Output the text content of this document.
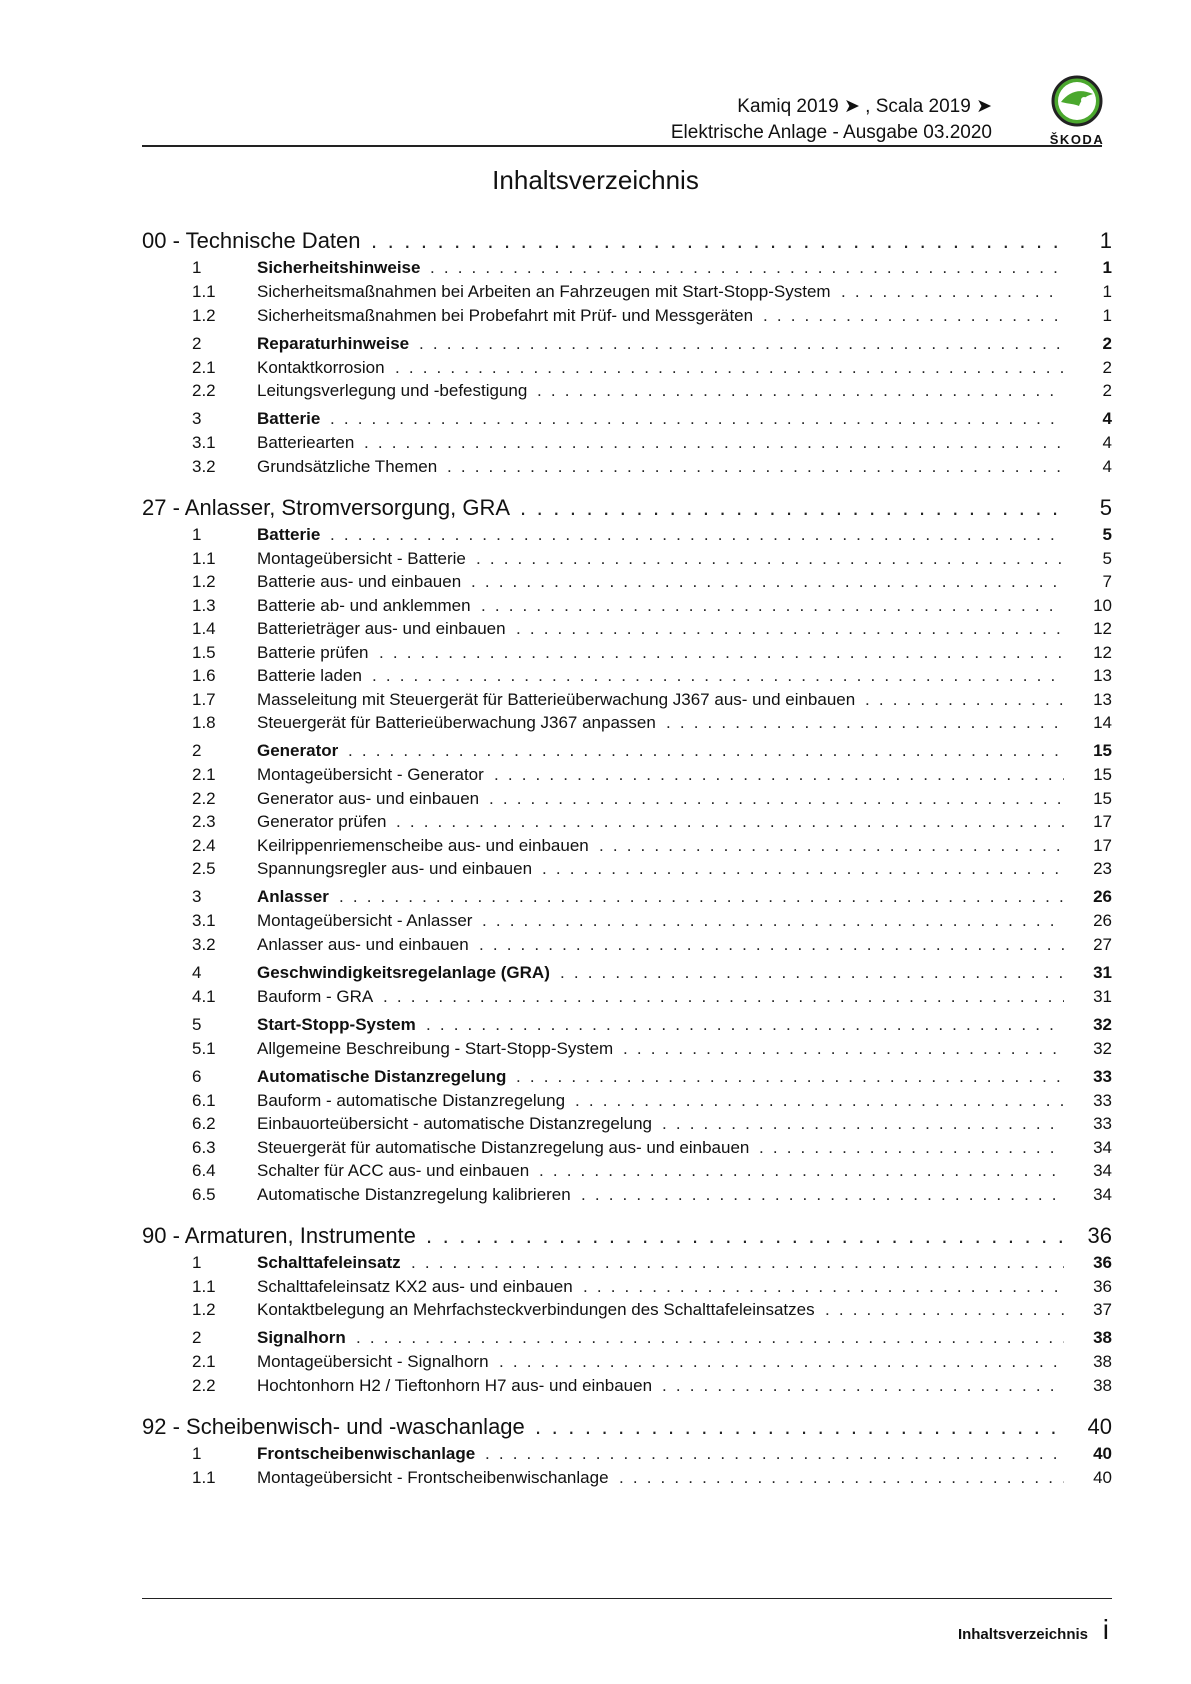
Kamiq 2019 ➤ , Scala 2019 ➤
Elektrische Anlage - Ausgabe 03.2020	ŠKODA
Inhaltsverzeichnis
. . .
00 - Technische Daten	1
1 . . .	Sicherheitshinweise	1
1.1 . . . Sicherheitsmaßnahmen bei Arbeiten an Fahrzeugen mit Start-Stopp-System	1
1.2 . . . Sicherheitsmaßnahmen bei Probefahrt mit Prüf- und Messgeräten	1
2 . . .	Reparaturhinweise	2
2.1 . . . Kontaktkorrosion	2
2.2 . . . Leitungsverlegung und -befestigung	2
3 . . .	Batterie	4
3.1 . . . Batteriearten	4
3.2 . . . Grundsätzliche Themen	4
. . .
27 - Anlasser, Stromversorgung, GRA	5
1 . . .	Batterie	5
1.1 . . . Montageübersicht - Batterie	5
1.2 . . . Batterie aus- und einbauen	7
1.3 . . . Batterie ab- und anklemmen	10
1.4 . . . Batterieträger aus- und einbauen	12
1.5 . . . Batterie prüfen	12
1.6 . . . Batterie laden	13
1.7 . . . Masseleitung mit Steuergerät für Batterieüberwachung J367 aus- und einbauen	13
1.8 . . . Steuergerät für Batterieüberwachung J367 anpassen	14
2 . . .	Generator	15
2.1 . . . Montageübersicht - Generator	15
2.2 . . . Generator aus- und einbauen	15
2.3 . . . Generator prüfen	17
2.4 . . . Keilrippenriemenscheibe aus- und einbauen	17
2.5 . . . Spannungsregler aus- und einbauen	23
3 . . .	Anlasser	26
3.1 . . . Montageübersicht - Anlasser	26
3.2 . . . Anlasser aus- und einbauen	27
4 . . .	Geschwindigkeitsregelanlage (GRA)	31
4.1 . . . Bauform - GRA	31
5 . . .	Start-Stopp-System	32
5.1 . . . Allgemeine Beschreibung - Start-Stopp-System	32
6 . . .	Automatische Distanzregelung	33
6.1 . . . Bauform - automatische Distanzregelung	33
6.2 . . . Einbauorteübersicht - automatische Distanzregelung	33
6.3 . . . Steuergerät für automatische Distanzregelung aus- und einbauen	34
6.4 . . . Schalter für ACC aus- und einbauen	34
6.5 . . . Automatische Distanzregelung kalibrieren	34
. . .
90 - Armaturen, Instrumente	36
1 . . .	Schalttafeleinsatz	36
1.1 . . . Schalttafeleinsatz KX2 aus- und einbauen	36
1.2 . . . Kontaktbelegung an Mehrfachsteckverbindungen des Schalttafeleinsatzes	37
2 . . .	Signalhorn	38
2.1 . . . Montageübersicht - Signalhorn	38
2.2 . . . Hochtonhorn H2 / Tieftonhorn H7 aus- und einbauen	38
. . .
92 - Scheibenwisch- und -waschanlage	40
1 . . .	Frontscheibenwischanlage	40
1.1 . . . Montageübersicht - Frontscheibenwischanlage	40
Inhaltsverzeichnis i
